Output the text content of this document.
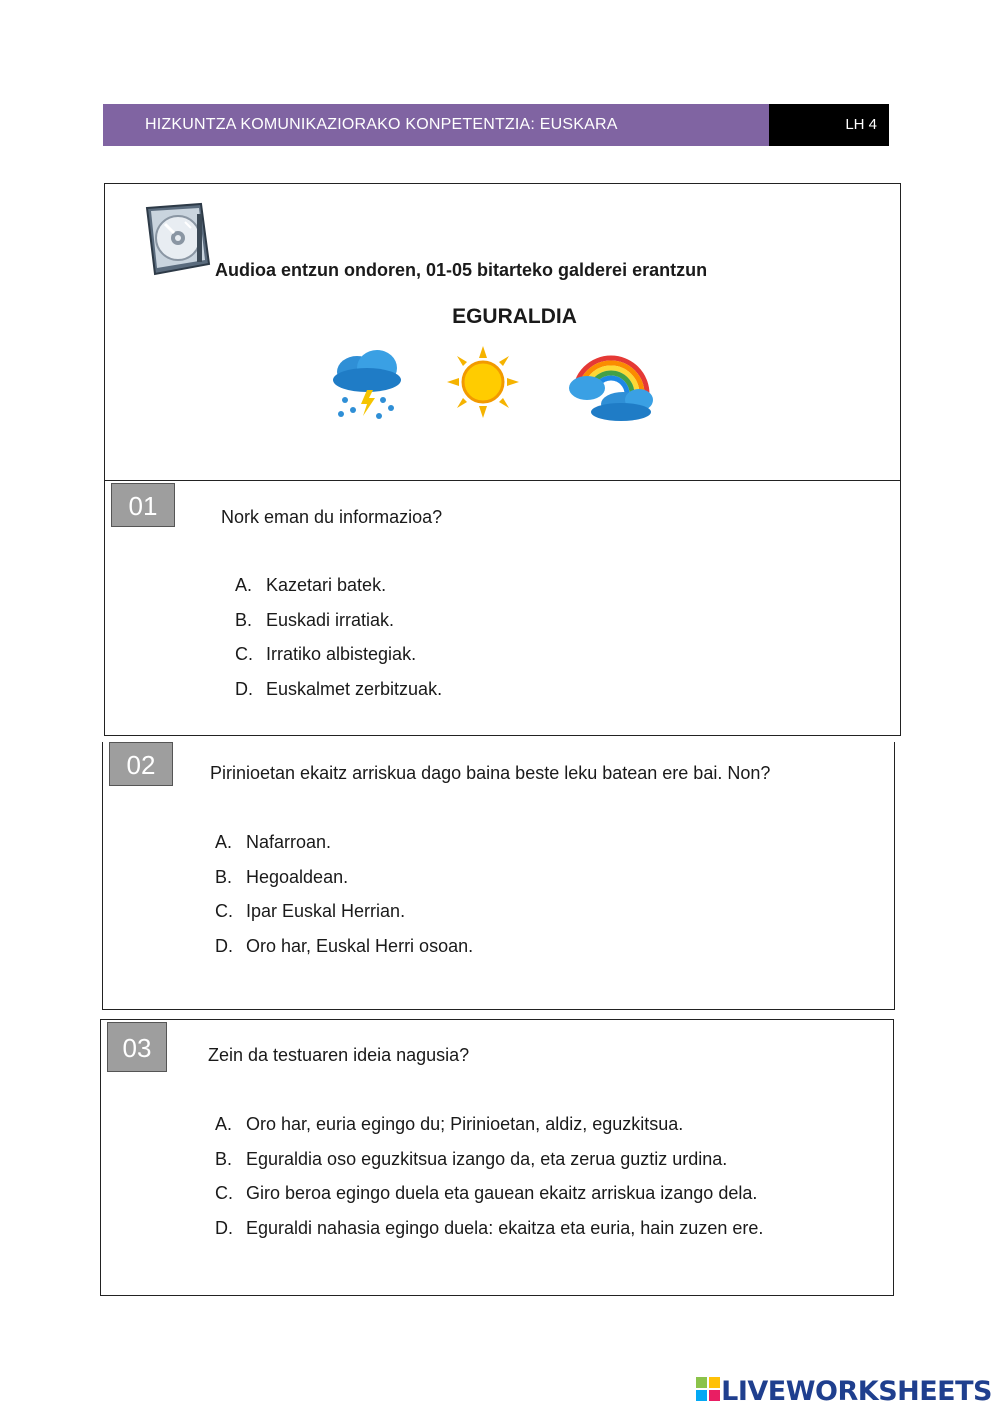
HIZKUNTZA KOMUNIKAZIORAKO KONPETENTZIA: EUSKARA	LH 4
Audioa entzun ondoren, 01-05 bitarteko galderei erantzun
EGURALDIA
01	Nork eman du informazioa?
A. Kazetari batek.
B. Euskadi irratiak.
C. Irratiko albistegiak.
D. Euskalmet zerbitzuak.
02	Pirinioetan ekaitz arriskua dago baina beste leku batean ere bai. Non?
A. Nafarroan.
B. Hegoaldean.
C. Ipar Euskal Herrian.
D. Oro har, Euskal Herri osoan.
03	Zein da testuaren ideia nagusia?
A. Oro har, euria egingo du; Pirinioetan, aldiz, eguzkitsua.
B. Eguraldia oso eguzkitsua izango da, eta zerua guztiz urdina.
C. Giro beroa egingo duela eta gauean ekaitz arriskua izango dela.
D. Eguraldi nahasia egingo duela: ekaitza eta euria, hain zuzen ere.
LIVEWORKSHEETS
